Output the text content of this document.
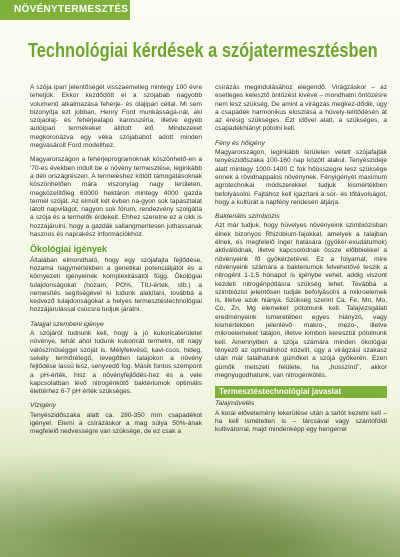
NÖVÉNYTERMESZTÉS
Technológiai kérdések a szójatermesztésben

A szója iparí jelentőségét visszaemelleg mintegy 100 évre tehetjük. Ekkor kezdődött el a szójabab nagyobb volumenű alkalmazása fehérje- és olajipari céllal. Mi sem bizonyítja ezt jobban, Henry Ford munkásságá-nál, aki szójaolaj- és fehérjealapú karosszéria, illetve egyéb autóipari termékeket állított elő. Mindezeket megkoronázva egy véka szójababot adott minden megvásárolt Ford modellhez.

Magyarországon a fehérjeprogramoknak köszönhető-en a '70-es években indult be e növény termesztése, leginkább a déli országrészen. A termeléshez kötött támogatásoknak köszönhetően mára viszonylag nagy területen, megközelítőleg 60000 hektáron mintegy 4000 gazda termel szóját. Az elmúlt két évben na-gyon sok tapasztalat látott napvilágot, nagyon sok fórum, rendezvény szolgálta a szója és a termelők érdekeit. Ehhez szeretne ez a cikk is hozzájárulni, hogy a gazdák sallangmentesen juthassanak hasznos és naprakész információkhoz.

Ökológiai igények

Általában elmondható, hogy egy szójafajta fejlődése, hozama nagymértékben a genetikai potenciáljától és a környezeti igényeinek komplexitásától függ. Ökológiai tulajdonságokat (hozam, PO%, TIU-érték, stb.) a nemesítés segítségével ki tudunk alakítani, továbbá a kedvező tulajdonságokat a helyes termesztéstechnológiai hozzájárulással csúcsra tudjuk járatni.

Talajjal szembeni igénye

A szójáról tudnunk kell, hogy a jó kukoricaterületet növénye, tehát ahol tudunk kukoricát termelni, ott nagy valószínűséggel szóját is. Mélyfekvésű, kavi-csos, hideg, sekély termőrétegű, levegőtlen talajokon a növény fejlődése lassú lesz, senyvedő fog. Másik fontos szempont a pH-érték, hisz a növényfejlődés-hez és a vele kapcsolatban lévő nitrogénkötő baktériumok optimális élettérhez 6-7 pH érték szükséges.

Vízigény

Tenyészidőszaka alatt ca. 280-350 mm csapadékot igényel. Elemi a csírázáskor a mag súlya 50%-ának megfelelő nedvességre van szüksége, de ez csak a

csírázás megindulásához elegendő. Virágzáskor – az esetleges kelesztő öntözést kivéve – mondhatni öntözésre nem lesz szükség. De amint a virágzás megkez-dődik, úgy a csapadék harmonikus eloszlása a hüvely-telítődésén át az érésig szükséges. Ezt idővel alatt, a szükséges, a csapadékhiányt pótolni kell.

Fény és hőigény

Magyarországon, leginkább területen vetett szójafajták tenyészidőszaka 100-160 nap között alakul. Tenyészideje alatt mintegy 1000-1400 C fok hőösszegre lesz szüksége ennek a rövidnappalos növénynek. Fényigényét maximum agrotechnikai módszerekkel tudjuk kismértékben befolyásolni. Fajtához kell igazítani a sor- és tőtávolságot, hogy a kultúrát a napfény rendesen átjárja.

Bakteriális szimbiózis

Azt már tudjuk, hogy hüvelyes növényeink szimbiózisban élnek bizonyos Rhizobium-fajokkal, amelyek a talajban élnek, és megfelelő inger hatására (gyökér-exudátumok) aktiválódnak, illetve kapcsolódnak össze előbbiekkel a növényeink fő gyökérzetével. Ez a folyamat, mire növényeink számára a bakteriumok felvehetővé teszik a nitrogént 1-1,5 hónapot is igénybe vehet, addig viszont kezdeti nitrogénpótlásra szükség lehet. Továbbá a szimbiózist jelentősen tudják befolyásolni a mikroelemek is, illetve azok hiánya. Szükség szerint Ca, Fe, Mn, Mo, Co, Zn, Mg elemeket pótolnunk kell. Talajvizsgálati eredményeink ismeretében egyes hiányzó, vagy kismértékben jelenlévő makro-, mezo-, illetve mikroelemeket talajon, illetve lombon keresztül pótolnunk kell. Amennyiben a szója számára minden ökológiai tényező az optimálishoz közelít, úgy a virágzási szakasz után már találhatunk gümőket a szója gyökerén. Ezen gümők metszeti felülete, ha „hússzínű”, akkor megnyugodhatunk, van nitrogénkötés.

Termesztéstechnológiai javaslat
Talajművelés

A korai elővetemény lekerülése után a tarlót kezelni kell – ha kell ismételten is – tárcsával vagy szántóföldi kultivátorral, majd mindenképp egy hengerrel
